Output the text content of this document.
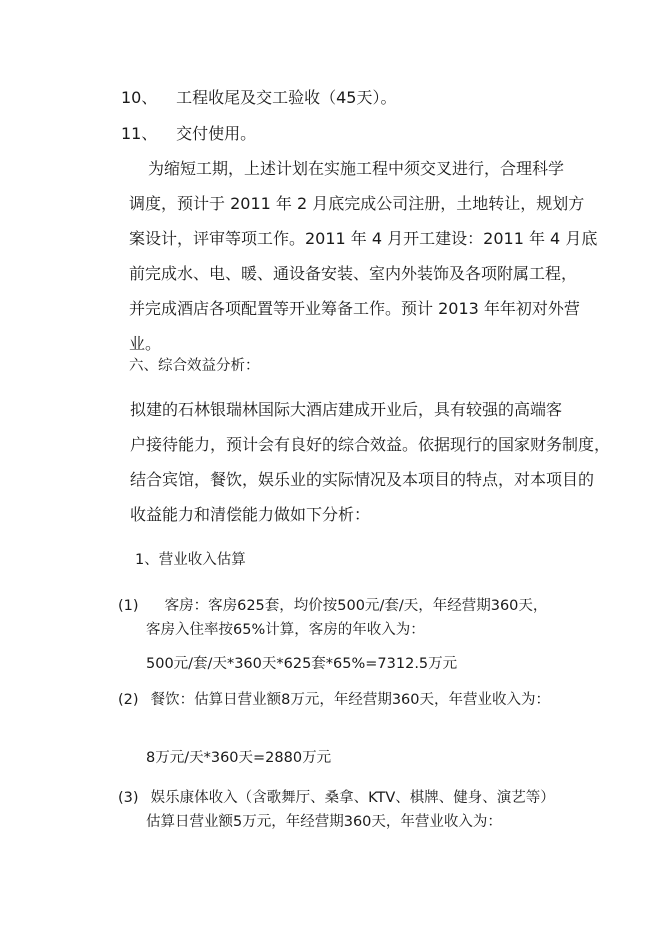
10、 工程收尾及交工验收（45天）。
11、 交付使用。
为缩短工期，上述计划在实施工程中须交叉进行，合理科学
调度，预计于 2011 年 2 月底完成公司注册，土地转让，规划方
案设计，评审等项工作。2011 年 4 月开工建设：2011 年 4 月底
前完成水、电、暖、通设备安装、室内外装饰及各项附属工程，
并完成酒店各项配置等开业筹备工作。预计 2013 年年初对外营
业。
六、综合效益分析：
拟建的石林银瑞林国际大酒店建成开业后，具有较强的高端客
户接待能力，预计会有良好的综合效益。依据现行的国家财务制度，
结合宾馆，餐饮，娱乐业的实际情况及本项目的特点，对本项目的
收益能力和清偿能力做如下分析：
1、营业收入估算
(1) 客房：客房625套，均价按500元/套/天，年经营期360天，
客房入住率按65%计算，客房的年收入为：
500元/套/天*360天*625套*65%=7312.5万元
(2) 餐饮：估算日营业额8万元，年经营期360天，年营业收入为：
8万元/天*360天=2880万元
(3) 娱乐康体收入（含歌舞厅、桑拿、KTV、棋牌、健身、演艺等）
估算日营业额5万元，年经营期360天，年营业收入为：
